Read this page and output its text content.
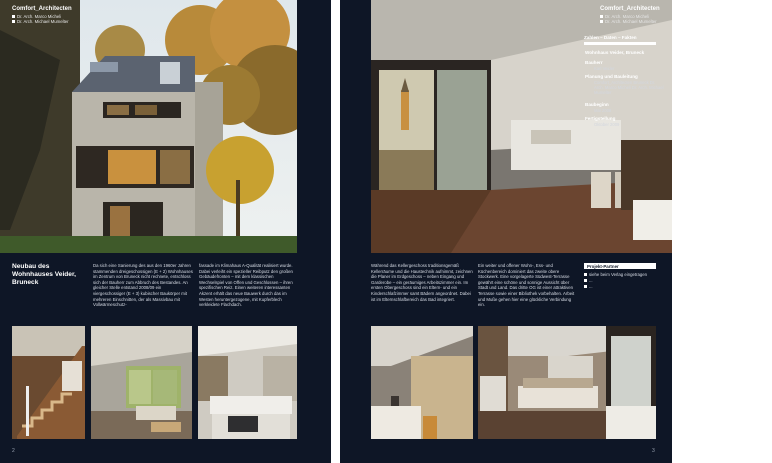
Comfort_Architecten

Dr. Arch. Marco Micheli

Dr. Arch. Michael Mumelter

Neubau des

Wohnhauses Veider,

Bruneck

Da sich eine Sanierung des aus den 1960er Jahren stammenden dreigeschossigen (E + 2) Wohnhauses im Zentrum von Bruneck nicht rechnete, entschloss sich der Bauherr zum Abbruch des Bestandes. An gleicher Stelle entstand 2008/09 ein viergeschossiger (E + 3) kubischer Baukörper mit mehreren Einschnitten, der als Massivbau mit Vollwärmeschutz-

fassade im Klimahaus A-Qualität realisiert wurde. Dabei verleiht ein spezieller Reibputz den großen Gebäudefronten – mit dem klassischen Wechselspiel von Offen und Geschlossen – ihren spezifischen Reiz. Einen weiteren interessanten Akzent erhält das neue Bauwerk durch das im Westen heruntergezogene, mit Kupferblech verkleidete Flachdach.

2

Comfort_Architecten

Dr. Arch. Marco Micheli

Dr. Arch. Michael Mumelter

Während das Kellergeschoss traditionsgemäß Kellerräume und die Haustechnik aufnimmt, zeichnen die Planer im Erdgeschoss – neben Eingang und Garderobe – ein geräumiges Arbeitszimmer ein. Im ersten Obergeschoss sind ein Eltern- und ein Kinderschlafzimmer samt Bädern angeordnet. Dabei ist im Elternschlafbereich das Bad integriert.

Ein weiter und offener Wohn-, Ess- und Küchenbereich dominiert das zweite obere Stockwerk. Eine vorgelagerte Südwest-Terrasse gewährt eine schöne und sonnige Aussicht über Stadt und Land. Das dritte OG ist einer attraktiven Terrasse sowie einer Bibliothek vorbehalten. Arbeit und Muße gehen hier eine glückliche Verbindung ein.

Projekt-Partner

siehe beim Verlag eingetragen

...

...

3
Zahlen – Daten – Fakten
Wohnhaus Veider, Bruneck
Bauherr
Karl Veider
Planung und Bauleitung
Comfort_Architecten Bruneck Dr. Arch. Marco Micheli Dr. Arch. Michael Mumelter
Baubeginn
Mai 2008
Fertigstellung
Oktober 2009
